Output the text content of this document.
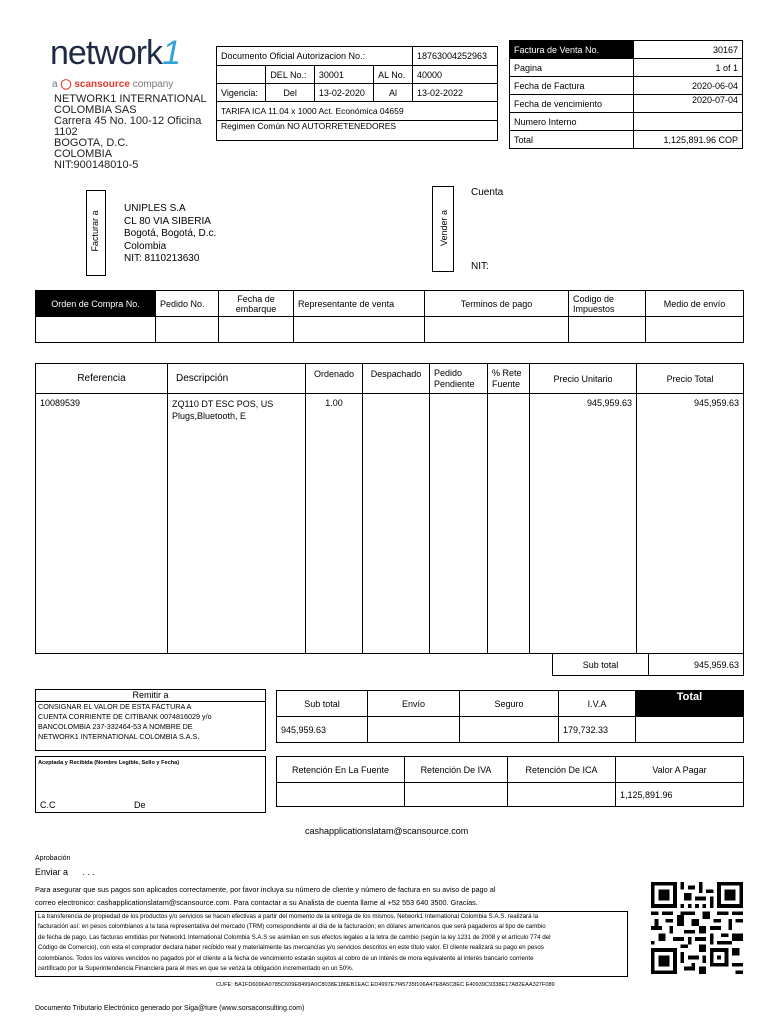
network1
a ◯ scansource company
NETWORK1 INTERNATIONAL
COLOMBIA SAS
Carrera 45 No. 100-12 Oficina
1102
BOGOTA, D.C.
COLOMBIA
NIT:900148010-5
Documento Oficial Autorizacion No.:				18763004252963
	DEL No.:	30001	AL No.	40000
Vigencia:	Del	13-02-2020	Al	13-02-2022
TARIFA ICA 11.04 x 1000 Act. Económica 04659				
Regimen Común NO AUTORRETENEDORES				
Factura de Venta No.	30167
Pagina	1 of 1
Fecha de Factura	2020-06-04
Fecha de vencimiento	2020-07-04
Numero Interno	
Total	1,125,891.96 COP
Facturar a
UNIPLES S.A
CL 80 VIA SIBERIA
Bogotá, Bogotá, D.c.
Colombia
NIT: 8110213630
Vender a
Cuenta
NIT:
Orden de Compra No.	Pedido No.	Fecha de embarque	Representante de venta	Terminos de pago	Codigo de Impuestos	Medio de envío

Referencia	Descripción	Ordenado	Despachado	Pedido Pendiente	% Rete Fuente	Precio Unitario	Precio Total
10089539	ZQ110 DT ESC POS, US
Plugs,Bluetooth, E	1.00				945,959.63	945,959.63
Sub total	945,959.63
Remitir a
CONSIGNAR EL VALOR DE ESTA FACTURA A
CUENTA CORRIENTE DE CITIBANK 0074816029 y/o
BANCOLOMBIA 237-332464-53 A NOMBRE DE
NETWORK1 INTERNATIONAL COLOMBIA S.A.S.
Aceptada y Recibida (Nombre Legible, Sello y Fecha)
C.C	De
Sub total	Envío	Seguro	I.V.A	Total
945,959.63			179,732.33	
Retención En La Fuente	Retención De IVA	Retención De ICA	Valor A Pagar
			1,125,891.96
cashapplicationslatam@scansource.com
Aprobación
Enviar a . . .
Para asegurar que sus pagos son aplicados correctamente, por favor incluya su número de cliente y número de factura en su aviso de pago al
correo electronico: cashapplicationslatam@scansource.com. Para contactar a su Analista de cuenta llame al +52 553 640 3500. Gracias.
La transferencia de propiedad de los productos y/o servicios se hacen efectivas a partir del momento de la entrega de los mismos. Network1 International Colombia S.A.S. realizará la
facturación así: en pesos colombianos a la tasa representativa del mercado (TRM) correspondiente al día de la facturación; en dólares americanos que será pagaderos al tipo de cambio
de fecha de pago. Las facturas emitidas por Network1 International Colombia S.A.S se asimilan en sus efectos legales a la letra de cambio (según la ley 1231 de 2008 y el artículo 774 del
Código de Comercio), con esta el comprador declara haber recibido real y materialmente las mercancías y/o servicios descritos en este título valor. El cliente realizará su pago en pesos
colombianos. Todos los valores vencidos no pagados por el cliente a la fecha de vencimiento estarán sujetos al cobro de un interés de mora equivalente al interés bancario corriente
certificado por la Superintendencia Financiera para el mes en que se venza la obligación incrementado en un 50%.
CUFE: BA1FD6096A0785C609E8499A0C8038E186EB1EAC ED4997E7f45735f106A47E8A5C8EC E40939C9338E17A82EAA327F089
Documento Tributario Electrónico generado por Siga@ture (www.sorsaconsulting.com)
